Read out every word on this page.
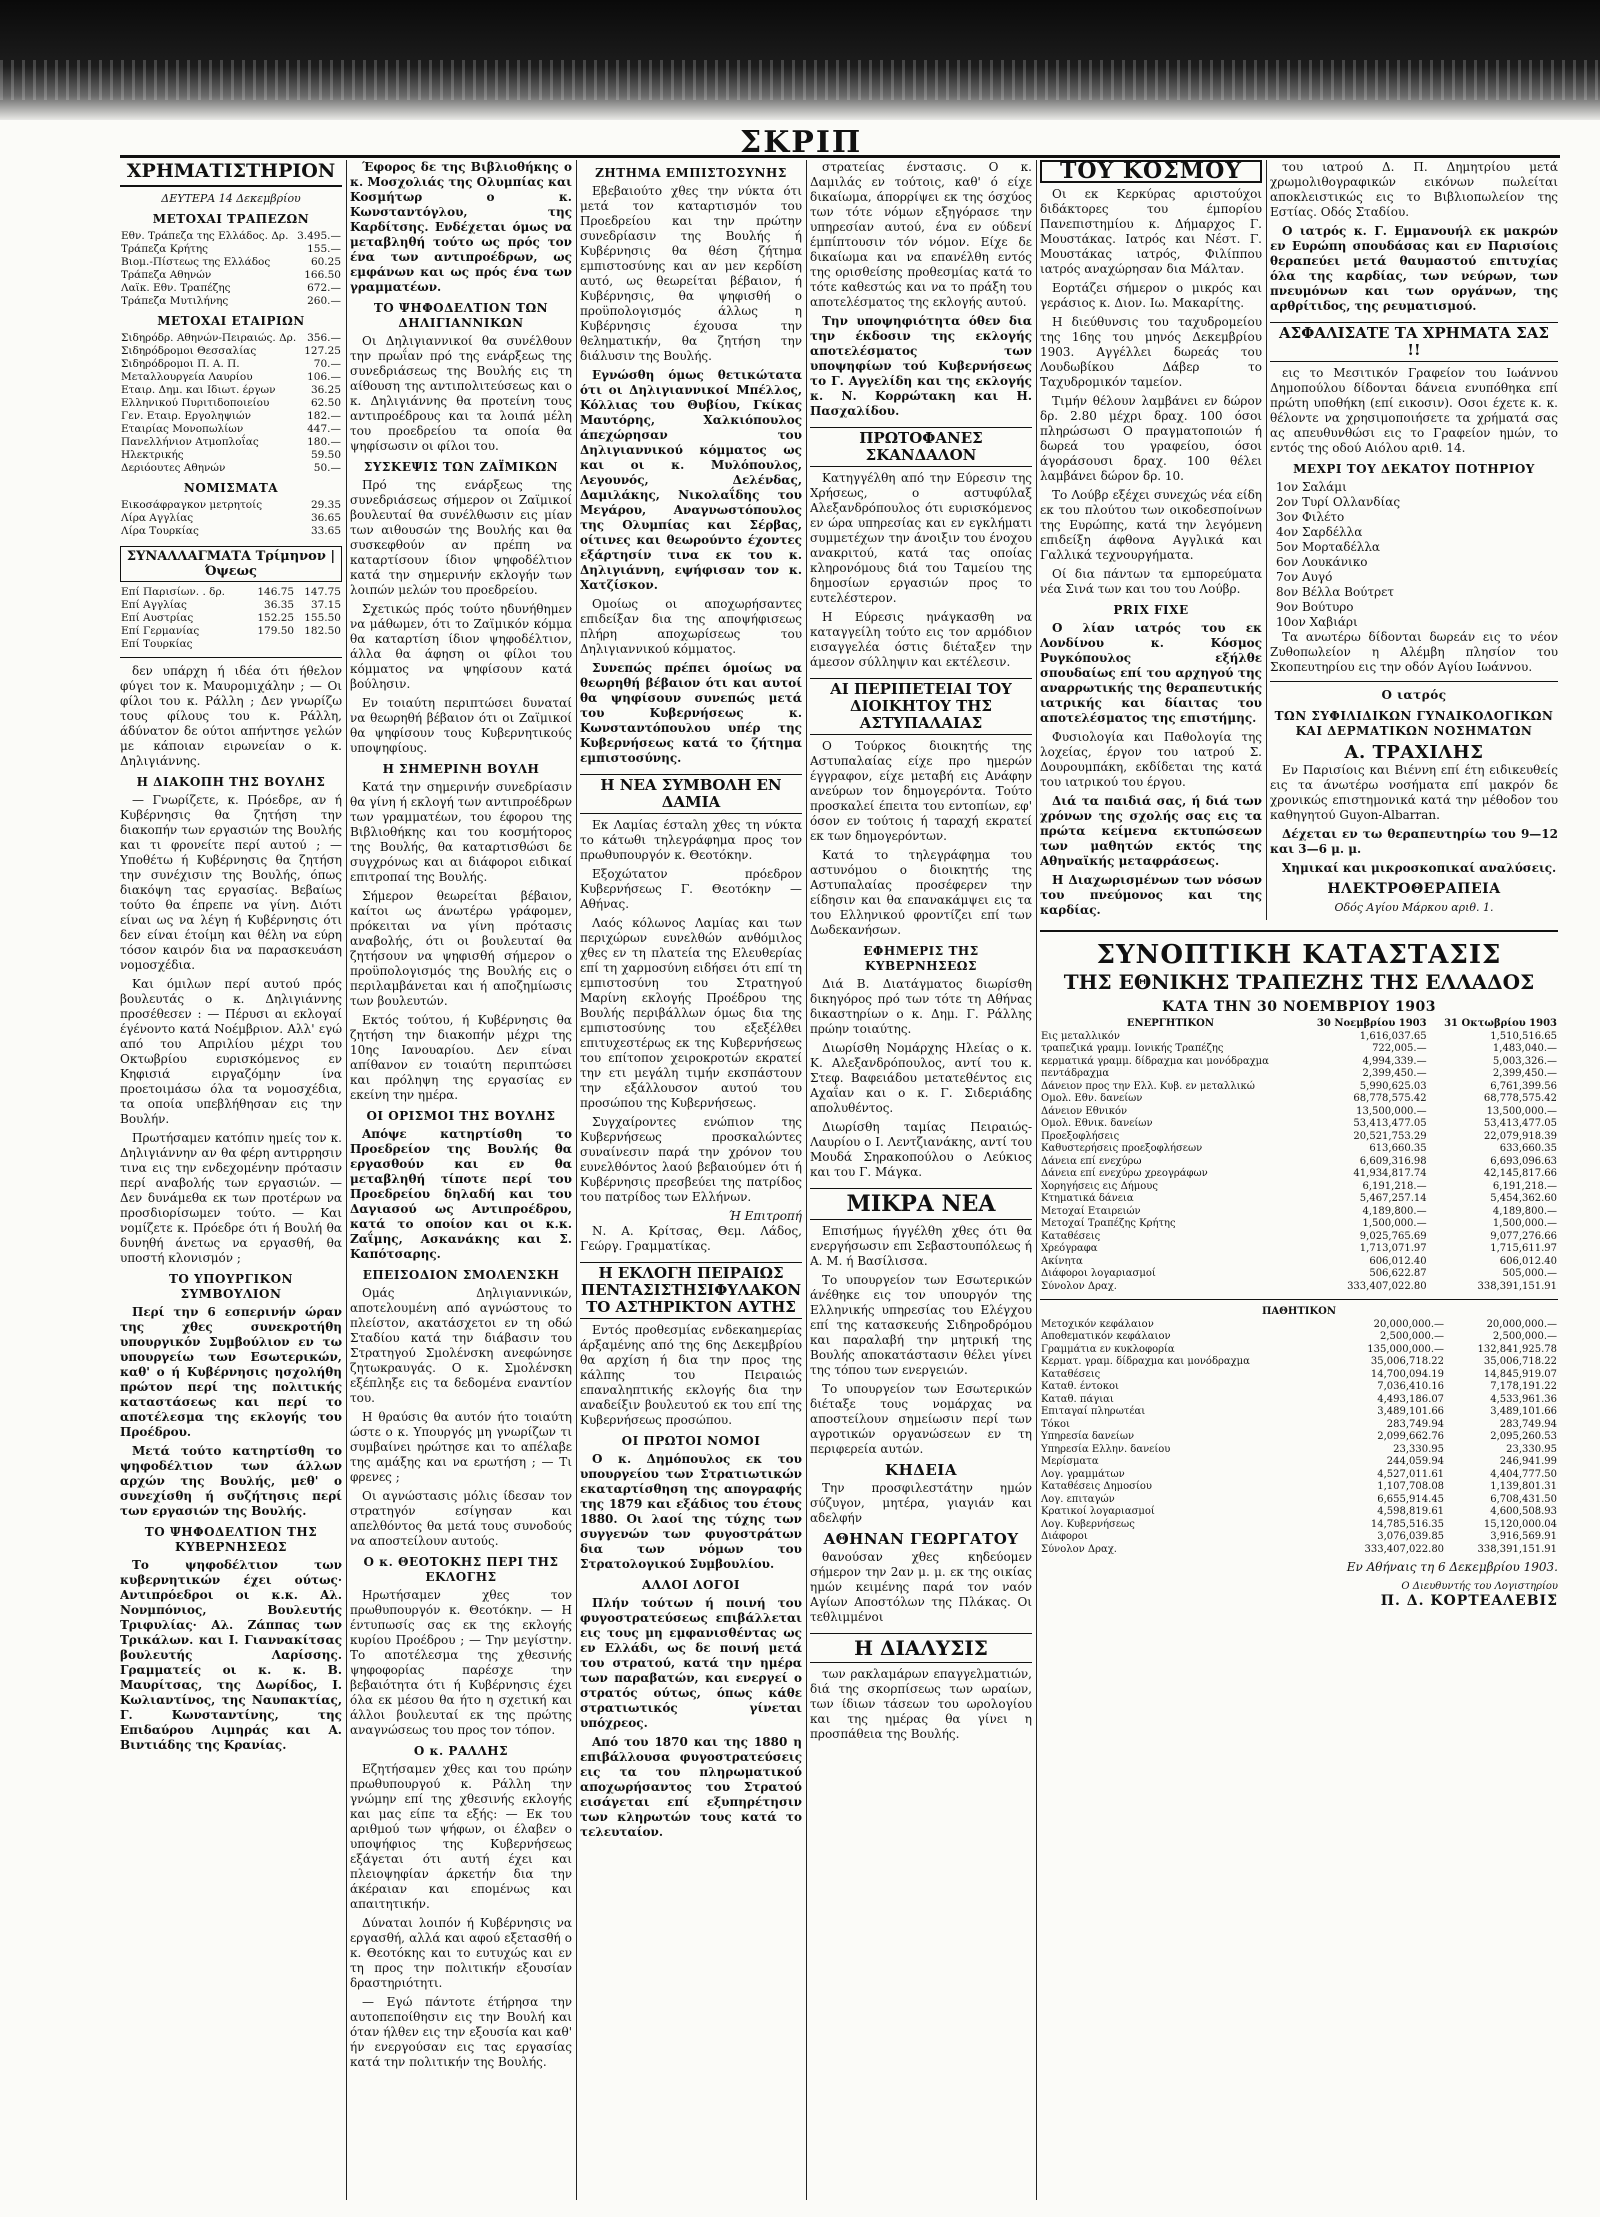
ΣΚΡΙΠ
ΧΡΗΜΑΤΙΣΤΗΡΙΟΝ
ΔΕΥΤΕΡΑ 14 Δεκεμβρίου
ΜΕΤΟΧΑΙ ΤΡΑΠΕΖΩΝ
Εθν. Τράπεζα της Ελλάδος. Δρ.	3.495.—
Τράπεζα Κρήτης	155.—
Βιομ.-Πίστεως της Ελλάδος	60.25
Τράπεζα Αθηνών	166.50
Λαϊκ. Εθν. Τραπέζης	672.—
Τράπεζα Μυτιλήνης	260.—
ΜΕΤΟΧΑΙ ΕΤΑΙΡΙΩΝ
Σιδηρόδρ. Αθηνών-Πειραιώς. Δρ.	356.—
Σιδηρόδρομοι Θεσσαλίας	127.25
Σιδηρόδρομοι Π. Α. Π.	70.—
Μεταλλουργεία Λαυρίου	106.—
Εταιρ. Δημ. και Ιδιωτ. έργων	36.25
Ελληνικού Πυριτιδοποιείου	62.50
Γεν. Εταιρ. Εργοληψιών	182.—
Εταιρίας Μονοπωλίων	447.—
Πανελλήνιον Ατμοπλοΐας	180.—
Ηλεκτρικής	59.50
Δεριόουτες Αθηνών	50.—
ΝΟΜΙΣΜΑΤΑ
Εικοσάφραγκον μετρητοίς	29.35
Λίρα Αγγλίας	36.65
Λίρα Τουρκίας	33.65
ΣΥΝΑΛΛΑΓΜΑΤΑ Τρίμηνον | Όψεως
Επί Παρισίων. . δρ.	146.75	147.75
Επί Αγγλίας	36.35	37.15
Επί Αυστρίας	152.25	155.50
Επί Γερμανίας	179.50	182.50
Επί Τουρκίας		

δεν υπάρχη ή ιδέα ότι ήθελον φύγει τον κ. Μαυρομιχάλην ; — Οι φίλοι του κ. Ράλλη ; Δεν γνωρίζω τους φίλους του κ. Ράλλη, άδύνατον δε ούτοι απήντησε γελών με κάποιαν ειρωνείαν ο κ. Δηλιγιάννης.

Η ΔΙΑΚΟΠΗ ΤΗΣ ΒΟΥΛΗΣ

— Γνωρίζετε, κ. Πρόεδρε, αν ή Κυβέρνησις θα ζητήση την διακοπήν των εργασιών της Βουλής και τι φρονείτε περί αυτού ; — Υποθέτω ή Κυβέρνησις θα ζητήση την συνέχισιν της Βουλής, όπως διακόψη τας εργασίας. Βεβαίως τούτο θα έπρεπε να γίνη. Διότι είναι ως να λέγη ή Κυβέρνησις ότι δεν είναι έτοίμη και θέλη να εύρη τόσον καιρόν δια να παρασκευάση νομοσχέδια.

Και όμιλων περί αυτού πρός βουλευτάς ο κ. Δηλιγιάννης προσέθεσεν : — Πέρυσι αι εκλογαί έγένοντο κατά Νοέμβριον. Αλλ' εγώ από του Απριλίου μέχρι του Οκτωβρίου ευρισκόμενος εν Κηφισιά ειργαζόμην ίνα προετοιμάσω όλα τα νομοσχέδια, τα οποία υπεβλήθησαν εις την Βουλήν.

Πρωτήσαμεν κατόπιν ημείς τον κ. Δηλιγιάννην αν θα φέρη αντιρρησιν τινα εις την ενδεχομένην πρότασιν περί αναβολής των εργασιών. — Δεν δυνάμεθα εκ των προτέρων να προσδιορίσωμεν τούτο. — Και νομίζετε κ. Πρόεδρε ότι ή Βουλή θα δυνηθή άνετως να εργασθή, θα υποστή κλονισμόν ;

ΤΟ ΥΠΟΥΡΓΙΚΟΝ ΣΥΜΒΟΥΛΙΟΝ

Περί την 6 εσπερινήν ώραν της χθες συνεκροτήθη υπουργικόν Συμβούλιον εν τω υπουργείω των Εσωτερικών, καθ' ο ή Κυβέρνησις ησχολήθη πρώτον περί της πολιτικής καταστάσεως και περί το αποτέλεσμα της εκλογής του Προέδρου.

Μετά τούτο κατηρτίσθη το ψηφοδέλτιον των άλλων αρχών της Βουλής, μεθ' ο συνεχίσθη ή συζήτησις περί των εργασιών της Βουλής.

ΤΟ ΨΗΦΟΔΕΛΤΙΟΝ ΤΗΣ ΚΥΒΕΡΝΗΣΕΩΣ

Το ψηφοδέλτιον των κυβερνητικών έχει ούτως· Αντιπρόεδροι οι κ.κ. Αλ. Νονμπόνιος, Βουλευτής Τριφυλίας· Αλ. Ζάππας των Τρικάλων. και Ι. Γιαννακίτσας βουλευτής Λαρίσσης. Γραμματείς οι κ. κ. Β. Μαυρίτσας, της Δωρίδος, Ι. Κωλιαντίνος, της Ναυπακτίας, Γ. Κωνσταντίνης, της Επιδαύρου Λιμηράς και Α. Βιντιάδης της Κρανίας.

Έφορος δε της Βιβλιοθήκης ο κ. Μοσχολιάς της Ολυμπίας και Κοσμήτωρ ο κ. Κωνσταντόγλου, της Καρδίτσης. Ενδέχεται όμως να μεταβληθή τούτο ως πρός τον ένα των αντιπροέδρων, ως εμφάνων και ως πρός ένα των γραμματέων.

ΤΟ ΨΗΦΟΔΕΛΤΙΟΝ ΤΩΝ ΔΗΛΙΓΙΑΝΝΙΚΩΝ

Οι Δηλιγιαννικοί θα συνέλθουν την πρωΐαν πρό της ενάρξεως της συνεδριάσεως της Βουλής εις τη αίθουση της αντιπολιτεύσεως και ο κ. Δηλιγιάννης θα προτείνη τους αντιπροέδρους και τα λοιπά μέλη του προεδρείου τα οποία θα ψηφίσωσιν οι φίλοι του.

ΣΥΣΚΕΨΙΣ ΤΩΝ ΖΑΪΜΙΚΩΝ

Πρό της ενάρξεως της συνεδριάσεως σήμερον οι Ζαϊμικοί βουλευταί θα συνέλθωσιν εις μίαν των αιθουσών της Βουλής και θα συσκεφθούν αν πρέπη να καταρτίσουν ίδιον ψηφοδέλτιον κατά την σημερινήν εκλογήν των λοιπών μελών του προεδρείου.

Σχετικώς πρός τούτο ηδυνήθημεν να μάθωμεν, ότι το Ζαϊμικόν κόμμα θα καταρτίση ίδιον ψηφοδέλτιον, άλλα θα άφηση οι φίλοι του κόμματος να ψηφίσουν κατά βούλησιν.

Εν τοιαύτη περιπτώσει δυναταί να θεωρηθή βέβαιον ότι οι Ζαϊμικοί θα ψηφίσουν τους Κυβερνητικούς υποψηφίους.

Η ΣΗΜΕΡΙΝΗ ΒΟΥΛΗ

Κατά την σημερινήν συνεδρίασιν θα γίνη ή εκλογή των αντιπροέδρων των γραμματέων, του έφορου της Βιβλιοθήκης και του κοσμήτορος της Βουλής, θα καταρτισθώσι δε συγχρόνως και αι διάφοροι ειδικαί επιτροπαί της Βουλής.

Σήμερον θεωρείται βέβαιον, καίτοι ως άνωτέρω γράφομεν, πρόκειται να γίνη πρότασις αναβολής, ότι οι βουλευταί θα ζητήσουν να ψηφισθή σήμερον ο προϋπολογισμός της Βουλής εις ο περιλαμβάνεται και ή αποζημίωσις των βουλευτών.

Εκτός τούτου, ή Κυβέρνησις θα ζητήση την διακοπήν μέχρι της 10ης Ιανουαρίου. Δεν είναι απίθανον εν τοιαύτη περιπτώσει και πρόληψη της εργασίας εν εκείνη την ημέρα.

ΟΙ ΟΡΙΣΜΟΙ ΤΗΣ ΒΟΥΛΗΣ

Απόψε κατηρτίσθη το Προεδρείον της Βουλής θα εργασθούν και εν θα μεταβληθή τίποτε περί του Προεδρείου δηλαδή και του Δαγιασού ως Αντιπροέδρου, κατά το οποίον και οι κ.κ. Ζαΐμης, Ασκανάκης και Σ. Καπότσαρης.

ΕΠΕΙΣΟΔΙΟΝ ΣΜΟΛΕΝΣΚΗ

Ομάς Δηλιγιαννικών, αποτελουμένη από αγνώστους το πλείστον, ακατάσχετοι εν τη οδώ Σταδίου κατά την διάβασιν του Στρατηγού Σμολένσκη ανεφώνησε ζητωκραυγάς. Ο κ. Σμολένσκη εξέπληξε εις τα δεδομένα εναντίον του.

Η θραύσις θα αυτόν ήτο τοιαύτη ώστε ο κ. Υπουργός μη γνωρίζων τι συμβαίνει ηρώτησε και το απέλαβε της αμάξης και να ερωτήση ; — Τι φρενες ;

Οι αγνώστασις μόλις ίδεσαν τον στρατηγόν εσίγησαν και απελθόντος θα μετά τους συνοδούς να αποστείλουν αυτούς.

Ο κ. ΘΕΟΤΟΚΗΣ ΠΕΡΙ ΤΗΣ ΕΚΛΟΓΗΣ

Ηρωτήσαμεν χθες τον πρωθυπουργόν κ. Θεοτόκην. — Η έντυπωσίς σας εκ της εκλογής κυρίου Προέδρου ; — Την μεγίστην. Το αποτέλεσμα της χθεσινής ψηφοφορίας παρέσχε την βεβαιότητα ότι ή Κυβέρνησις έχει όλα εκ μέσου θα ήτο η σχετική και άλλοι βουλευταί εκ της πρώτης αναγνώσεως του προς τον τόπον.

Ο κ. ΡΑΛΛΗΣ

Εζητήσαμεν χθες και του πρώην πρωθυπουργού κ. Ράλλη την γνώμην επί της χθεσινής εκλογής και μας είπε τα εξής: — Εκ του αριθμού των ψήφων, οι έλαβεν ο υποψήφιος της Κυβερνήσεως εξάγεται ότι αυτή έχει και πλειοψηφίαν άρκετήν δια την άκέραιαν και επομένως και απαιτητικήν.

Δύναται λοιπόν ή Κυβέρνησις να εργασθή, αλλά και αφού εξετασθή ο κ. Θεοτόκης και το ευτυχώς και εν τη προς την πολιτικήν εξουσίαν δραστηριότητι.

— Εγώ πάντοτε έτήρησα την αυτοπεποίθησιν εις την Βουλή και όταν ήλθεν εις την εξουσία και καθ' ήν ενεργούσαν εις τας εργασίας κατά την πολιτικήν της Βουλής.

ΖΗΤΗΜΑ ΕΜΠΙΣΤΟΣΥΝΗΣ

Εβεβαιούτο χθες την νύκτα ότι μετά τον καταρτισμόν του Προεδρείου και την πρώτην συνεδρίασιν της Βουλής ή Κυβέρνησις θα θέση ζήτημα εμπιστοσύνης και αν μεν κερδίση αυτό, ως θεωρείται βέβαιον, ή Κυβέρνησις, θα ψηφισθή ο προϋπολογισμός άλλως η Κυβέρνησις έχουσα την θεληματικήν, θα ζητήση την διάλυσιν της Βουλής.

Εγνώσθη όμως θετικώτατα ότι οι Δηλιγιαννικοί Μπέλλος, Κόλλιας του Θυβίου, Γκίκας Μαυτόρης, Χαλκιόπουλος άπεχώρησαν του Δηλιγιαννικού κόμματος ως και οι κ. Μυλόπουλος, Λεγουνός, Δελένδας, Δαμιλάκης, Νικολαΐδης του Μεγάρου, Αναγνωστόπουλος της Ολυμπίας και Σέρβας, οίτινες και θεωρούντο έχοντες εξάρτησίν τινα εκ του κ. Δηλιγιάννη, εψήφισαν τον κ. Χατζίσκον.

Ομοίως οι αποχωρήσαντες επιδείξαν δια της αποψήφισεως πλήρη αποχωρίσεως του Δηλιγιαννικού κόμματος.

Συνεπώς πρέπει όμοίως να θεωρηθή βέβαιον ότι και αυτοί θα ψηφίσουν συνεπώς μετά του Κυβερνήσεως κ. Κωνσταντόπουλου υπέρ της Κυβερνήσεως κατά το ζήτημα εμπιστοσύνης.

Η ΝΕΑ ΣΥΜΒΟΛΗ ΕΝ ΔΑΜΙΑ

Εκ Λαμίας έσταλη χθες τη νύκτα το κάτωθι τηλεγράφημα προς τον πρωθυπουργόν κ. Θεοτόκην.

Εξοχώτατον πρόεδρον Κυβερνήσεως Γ. Θεοτόκην — Αθήνας.

Λαός κόλωνος Λαμίας και των περιχώρων ευνελθών ανθόμιλος χθες εν τη πλατεία της Ελευθερίας επί τη χαρμοσύνη ειδήσει ότι επί τη εμπιστοσύνη του Στρατηγού Μαρίνη εκλογής Προέδρου της Βουλής περιβάλλων όμως δια της εμπιστοσύνης του εξεξέλθει επιτυχεστέρως εκ της Κυβερνήσεως του επίτοπον χειροκροτών εκρατεί την ετι μεγάλη τιμήν εκσπάστουν την εξάλλουσον αυτού του προσώπου της Κυβερνήσεως.

Συγχαίροντες ενώπιον της Κυβερνήσεως προσκαλώντες συναίνεσιν παρά την χρόνον του ευνελθόντος λαού βεβαιούμεν ότι ή Κυβέρνησις πρεσβεύει της πατρίδος του πατρίδος των Ελλήνων.

Ή Επιτροπή

Ν. Α. Κρίτσας, Θεμ. Λάδος, Γεώργ. Γραμματίκας.

Η ΕΚΛΟΓΗ ΠΕΙΡΑΙΩΣ ΠΕΝΤΑΣΙΣΤΗΣΙΦΥΛΑΚΟΝ ΤΟ ΑΣΤΗΡΙΚΤΟΝ ΑΥΤΗΣ

Εντός προθεσμίας ενδεκαημερίας άρξαμένης από της 6ης Δεκεμβρίου θα αρχίση ή δια την προς της κάλπης του Πειραιώς επαναληπτικής εκλογής δια την αναδείξιν βουλευτού εκ του επί της Κυβερνήσεως προσώπου.

ΟΙ ΠΡΩΤΟΙ ΝΟΜΟΙ

Ο κ. Δημόπουλος εκ του υπουργείου των Στρατιωτικών εκαταρτίσθηση της απογραφής της 1879 και εξάδιος του έτους 1880. Οι λαοί της τύχης των συγγενών των φυγοστράτων δια των νόμων του Στρατολογικού Συμβουλίου.

ΑΛΛΟΙ ΛΟΓΟΙ

Πλήν τούτων ή ποινή του φυγοστρατεύσεως επιβάλλεται εις τους μη εμφανισθέντας ως εν Ελλάδι, ως δε ποινή μετά του στρατού, κατά την ημέρα των παραβατών, και ενεργεί ο στρατός ούτως, όπως κάθε στρατιωτικός γίνεται υπόχρεος.

Από του 1870 και της 1880 η επιβάλλουσα φυγοστρατεύσεις εις τα του πληρωματικού αποχωρήσαντος του Στρατού εισάγεται επί εξυπηρέτησιν των κληρωτών τους κατά το τελευταίον.

στρατείας ένστασις. Ο κ. Δαμιλάς εν τούτοις, καθ' ό είχε δικαίωμα, άπορρίψει εκ της όσχύος των τότε νόμων εξηγόρασε την υπηρεσίαν αυτού, ένα εν ούδενί έμπίπτουσιν τόν νόμον. Είχε δε δικαίωμα και να επανέλθη εντός της ορισθείσης προθεσμίας κατά το τότε καθεστώς και να το πράξη του αποτελέσματος της εκλογής αυτού.

Την υποψηφιότητα όθεν δια την έκδοσιν της εκλογής αποτελέσματος των υποψηφίων τού Κυβερνήσεως το Γ. Αγγελίδη και της εκλογής κ. Ν. Κορρώτακη και Η. Πασχαλίδου.

ΠΡΩΤΟΦΑΝΕΣ ΣΚΑΝΔΑΛΟΝ

Κατηγγέλθη από την Εύρεσιν της Χρήσεως, ο αστυφύλαξ Αλεξανδρόπουλος ότι ευρισκόμενος εν ώρα υπηρεσίας και εν εγκλήματι συμμετέχων την άνοιξιν του ένοχου ανακριτού, κατά τας οποίας κληρονόμους διά του Ταμείου της δημοσίων εργασιών προς το ευτελέστερον.

Η Εύρεσις ηνάγκασθη να καταγγείλη τούτο εις τον αρμόδιον εισαγγελέα όστις διέταξεν την άμεσον σύλληψιν και εκτέλεσιν.

ΑΙ ΠΕΡΙΠΕΤΕΙΑΙ ΤΟΥ ΔΙΟΙΚΗΤΟΥ ΤΗΣ ΑΣΤΥΠΑΛΑΙΑΣ

Ο Τούρκος διοικητής της Αστυπαλαίας είχε προ ημερών έγγραφον, είχε μεταβή εις Ανάφην ανεύρων τον δημογερόντα. Τούτο προσκαλεί έπειτα του εντοπίων, εφ' όσον εν τούτοις ή ταραχή εκρατεί εκ των δημογερόντων.

Κατά το τηλεγράφημα του αστυνόμου ο διοικητής της Αστυπαλαίας προσέφερεν την είδησιν και θα επανακάμψει εις τα του Ελληνικού φροντίζει επί των Δωδεκανήσων.

ΕΦΗΜΕΡΙΣ ΤΗΣ ΚΥΒΕΡΝΗΣΕΩΣ

Διά Β. Διατάγματος διωρίσθη δικηγόρος πρό των τότε τη Αθήνας δικαστηρίων ο κ. Δημ. Γ. Ράλλης πρώην τοιαύτης.

Διωρίσθη Νομάρχης Ηλείας ο κ. Κ. Αλεξανδρόπουλος, αντί του κ. Στεφ. Βαφειάδου μετατεθέντος εις Αχαΐαν και ο κ. Γ. Σιδεριάδης απολυθέντος.

Διωρίσθη ταμίας Πειραιώς-Λαυρίου ο Ι. Λεντζιανάκης, αντί του Μουδά Σηρακοπούλου ο Λεύκιος και του Γ. Μάγκα.

ΜΙΚΡΑ ΝΕΑ

Επισήμως ήγγέλθη χθες ότι θα ενεργήσωσιν επι Σεβαστουπόλεως ή Α. Μ. ή Βασίλισσα.

Το υπουργείον των Εσωτερικών άνέθηκε εις τον υπουργόν της Ελληνικής υπηρεσίας του Ελέγχου επί της κατασκευής Σιδηροδρόμου και παραλαβή την μητρική της Βουλής αποκατάστασιν θέλει γίνει της τόπου των ενεργειών.

Το υπουργείον των Εσωτερικών διέταξε τους νομάρχας να αποστείλουν σημείωσιν περί των αγροτικών οργανώσεων εν τη περιφερεία αυτών.

ΚΗΔΕΙΑ

Την προσφιλεστάτην ημών σύζυγον, μητέρα, γιαγιάν και αδελφήν

ΑΘΗΝΑΝ ΓΕΩΡΓΑΤΟΥ

θανούσαν χθες κηδεύομεν σήμερον την 2αν μ. μ. εκ της οικίας ημών κειμένης παρά τον ναόν Αγίων Αποστόλων της Πλάκας. Οι τεθλιμμένοι

Η ΔΙΑΛΥΣΙΣ

των ρακλαμάρων επαγγελματιών, διά της σκορπίσεως των ωραίων, των ίδιων τάσεων του ωρολογίου και της ημέρας θα γίνει η προσπάθεια της Βουλής.

ΤΟΥ ΚΟΣΜΟΥ

Οι εκ Κερκύρας αριστούχοι διδάκτορες του έμπορίου Πανεπιστημίου κ. Δήμαρχος Γ. Μουστάκας. Ιατρός και Νέστ. Γ. Μουστάκας ιατρός, Φιλίππου ιατρός αναχώρησαν δια Μάλταν.

Εορτάζει σήμερον ο μικρός και γεράσιος κ. Διον. Ιω. Μακαρίτης.

Η διεύθυνσις του ταχυδρομείου της 16ης του μηνός Δεκεμβρίου 1903. Αγγέλλει δωρεάς του Λουδωβίκου Δάβερ το Ταχυδρομικόν ταμείον.

Τιμήν θέλουν λαμβάνει εν δώρον δρ. 2.80 μέχρι δραχ. 100 όσοι πληρώσωσι Ο πραγματοποιών ή δωρεά του γραφείου, όσοι άγοράσουσι δραχ. 100 θέλει λαμβάνει δώρον δρ. 10.

Το Λούβρ εξέχει συνεχώς νέα είδη εκ του πλούτου των οικοδεσποίνων της Ευρώπης, κατά την λεγόμενη επιδείξη άφθονα Αγγλικά και Γαλλικά τεχνουργήματα.

Οί δια πάντων τα εμπορεύματα νέα Σινά των και του του Λούβρ.

PRIX FIXE

Ο λίαν ιατρός του εκ Λονδίνου κ. Κόσμος Ρυγκόπουλος εξήλθε σπουδαίως επί του αρχηγού της αναρρωτικής της θεραπευτικής ιατρικής και δίαιτας του αποτελέσματος της επιστήμης.

Φυσιολογία και Παθολογία της λοχείας, έργον του ιατρού Σ. Δουρουμπάκη, εκδίδεται της κατά του ιατρικού του έργου.

Διά τα παιδιά σας, ή διά των χρόνων της σχολής σας εις τα πρώτα κείμενα εκτυπώσεων των μαθητών εκτός της Αθηναϊκής μεταφράσεως.

Η Διαχωρισμένων των νόσων του πνεύμονος και της καρδίας.

του ιατρού Δ. Π. Δημητρίου μετά χρωμολιθογραφικών εικόνων πωλείται αποκλειστικώς εις το Βιβλιοπωλείον της Εστίας. Οδός Σταδίου.

Ο ιατρός κ. Γ. Εμμανουήλ εκ μακρών εν Ευρώπη σπουδάσας και εν Παρισίοις θεραπεύει μετά θαυμαστού επιτυχίας όλα της καρδίας, των νεύρων, των πνευμόνων και των οργάνων, της αρθρίτιδος, της ρευματισμού.

ΑΣΦΑΛΙΣΑΤΕ ΤΑ ΧΡΗΜΑΤΑ ΣΑΣ !!

εις το Μεσιτικόν Γραφείον του Ιωάννου Δημοπούλου δίδονται δάνεια ενυπόθηκα επί πρώτη υποθήκη (επί εικοσιν). Οσοι έχετε κ. κ. θέλοντε να χρησιμοποιήσετε τα χρήματά σας ας απευθυνθώσι εις το Γραφείον ημών, το εντός της οδού Αιόλου αριθ. 14.

ΜΕΧΡΙ ΤΟΥ ΔΕΚΑΤΟΥ ΠΟΤΗΡΙΟΥ
1ον Σαλάμι
2ον Τυρί Ολλανδίας
3ον Φιλέτο
4ον Σαρδέλλα
5ον Μορταδέλλα
6ον Λουκάνικο
7ον Αυγό
8ον Βέλλα Βούτρετ
9ον Βούτυρο
10ον Χαβιάρι

Τα ανωτέρω δίδονται δωρεάν εις το νέον Ζυθοπωλείον η Αλέμβη πλησίον του Σκοπευτηρίου εις την οδόν Αγίου Ιωάννου.

Ο ιατρός
ΤΩΝ ΣΥΦΙΛΙΔΙΚΩΝ ΓΥΝΑΙΚΟΛΟΓΙΚΩΝ ΚΑΙ ΔΕΡΜΑΤΙΚΩΝ ΝΟΣΗΜΑΤΩΝ
Α. ΤΡΑΧΙΛΗΣ

Εν Παρισίοις και Βιέννη επί έτη ειδικευθείς εις τα άνωτέρω νοσήματα επί μακρόν δε χρονικώς επιστημονικά κατά την μέθοδον του καθηγητού Guyon-Albarran.

Δέχεται εν τω θεραπευτηρίω του 9—12 και 3—6 μ. μ.

Χημικαί και μικροσκοπικαί αναλύσεις.

ΗΛΕΚΤΡΟΘΕΡΑΠΕΙΑ
Οδός Αγίου Μάρκου αριθ. 1.
ΣΥΝΟΠΤΙΚΗ ΚΑΤΑΣΤΑΣΙΣ
ΤΗΣ ΕΘΝΙΚΗΣ ΤΡΑΠΕΖΗΣ ΤΗΣ ΕΛΛΑΔΟΣ
ΚΑΤΑ ΤΗΝ 30 ΝΟΕΜΒΡΙΟΥ 1903
ΕΝΕΡΓΗΤΙΚΟΝ	30 Νοεμβρίου 1903	31 Οκτωβρίου 1903
Εις μεταλλικόν	1,616,037.65	1,510,516.65
τραπεζικά γραμμ. Ιονικής Τραπέζης	722,005.—	1,483,040.—
κερματικά γραμμ. δίδραχμα και μονόδραχμα	4,994,339.—	5,003,326.—
πεντάδραχμα	2,399,450.—	2,399,450.—
Δάνειον προς την Ελλ. Κυβ. εν μεταλλικώ	5,990,625.03	6,761,399.56
Ομολ. Εθν. δανείων	68,778,575.42	68,778,575.42
Δάνειον Εθνικόν	13,500,000.—	13,500,000.—
Ομολ. Εθνικ. δανείων	53,413,477.05	53,413,477.05
Προεξοφλήσεις	20,521,753.29	22,079,918.39
Καθυστερήσεις προεξοφλήσεων	613,660.35	633,660.35
Δάνεια επί ενεχύρω	6,609,316.98	6,693,096.63
Δάνεια επί ενεχύρω χρεογράφων	41,934,817.74	42,145,817.66
Χορηγήσεις εις Δήμους	6,191,218.—	6,191,218.—
Κτηματικά δάνεια	5,467,257.14	5,454,362.60
Μετοχαί Εταιρειών	4,189,800.—	4,189,800.—
Μετοχαί Τραπέζης Κρήτης	1,500,000.—	1,500,000.—
Καταθέσεις	9,025,765.69	9,077,276.66
Χρεόγραφα	1,713,071.97	1,715,611.97
Ακίνητα	606,012.40	606,012.40
Διάφοροι λογαριασμοί	506,622.87	505,000.—
Σύνολον Δραχ.	333,407,022.80	338,391,151.91
ΠΑΘΗΤΙΚΟΝ		
Μετοχικόν κεφάλαιον	20,000,000.—	20,000,000.—
Αποθεματικόν κεφάλαιον	2,500,000.—	2,500,000.—
Γραμμάτια εν κυκλοφορία	135,000,000.—	132,841,925.78
Κερματ. γραμ. δίδραχμα και μονόδραχμα	35,006,718.22	35,006,718.22
Καταθέσεις	14,700,094.19	14,845,919.07
Καταθ. έντοκοι	7,036,410.16	7,178,191.22
Καταθ. πάγιαι	4,493,186.07	4,533,961.36
Επιταγαί πληρωτέαι	3,489,101.66	3,489,101.66
Τόκοι	283,749.94	283,749.94
Υπηρεσία δανείων	2,099,662.76	2,095,260.53
Υπηρεσία Ελλην. δανείου	23,330.95	23,330.95
Μερίσματα	244,059.94	246,941.99
Λογ. γραμμάτων	4,527,011.61	4,404,777.50
Καταθέσεις Δημοσίου	1,107,708.08	1,139,801.31
Λογ. επιταγών	6,655,914.45	6,708,431.50
Κρατικοί λογαριασμοί	4,598,819.61	4,600,508.93
Λογ. Κυβερνήσεως	14,785,516.35	15,120,000.04
Διάφοροι	3,076,039.85	3,916,569.91
Σύνολον Δραχ.	333,407,022.80	338,391,151.91
Εν Αθήναις τη 6 Δεκεμβρίου 1903.
Ο Διευθυντής του Λογιστηρίου
Π. Δ. ΚΟΡΤΕΑΛΕΒΙΣ
